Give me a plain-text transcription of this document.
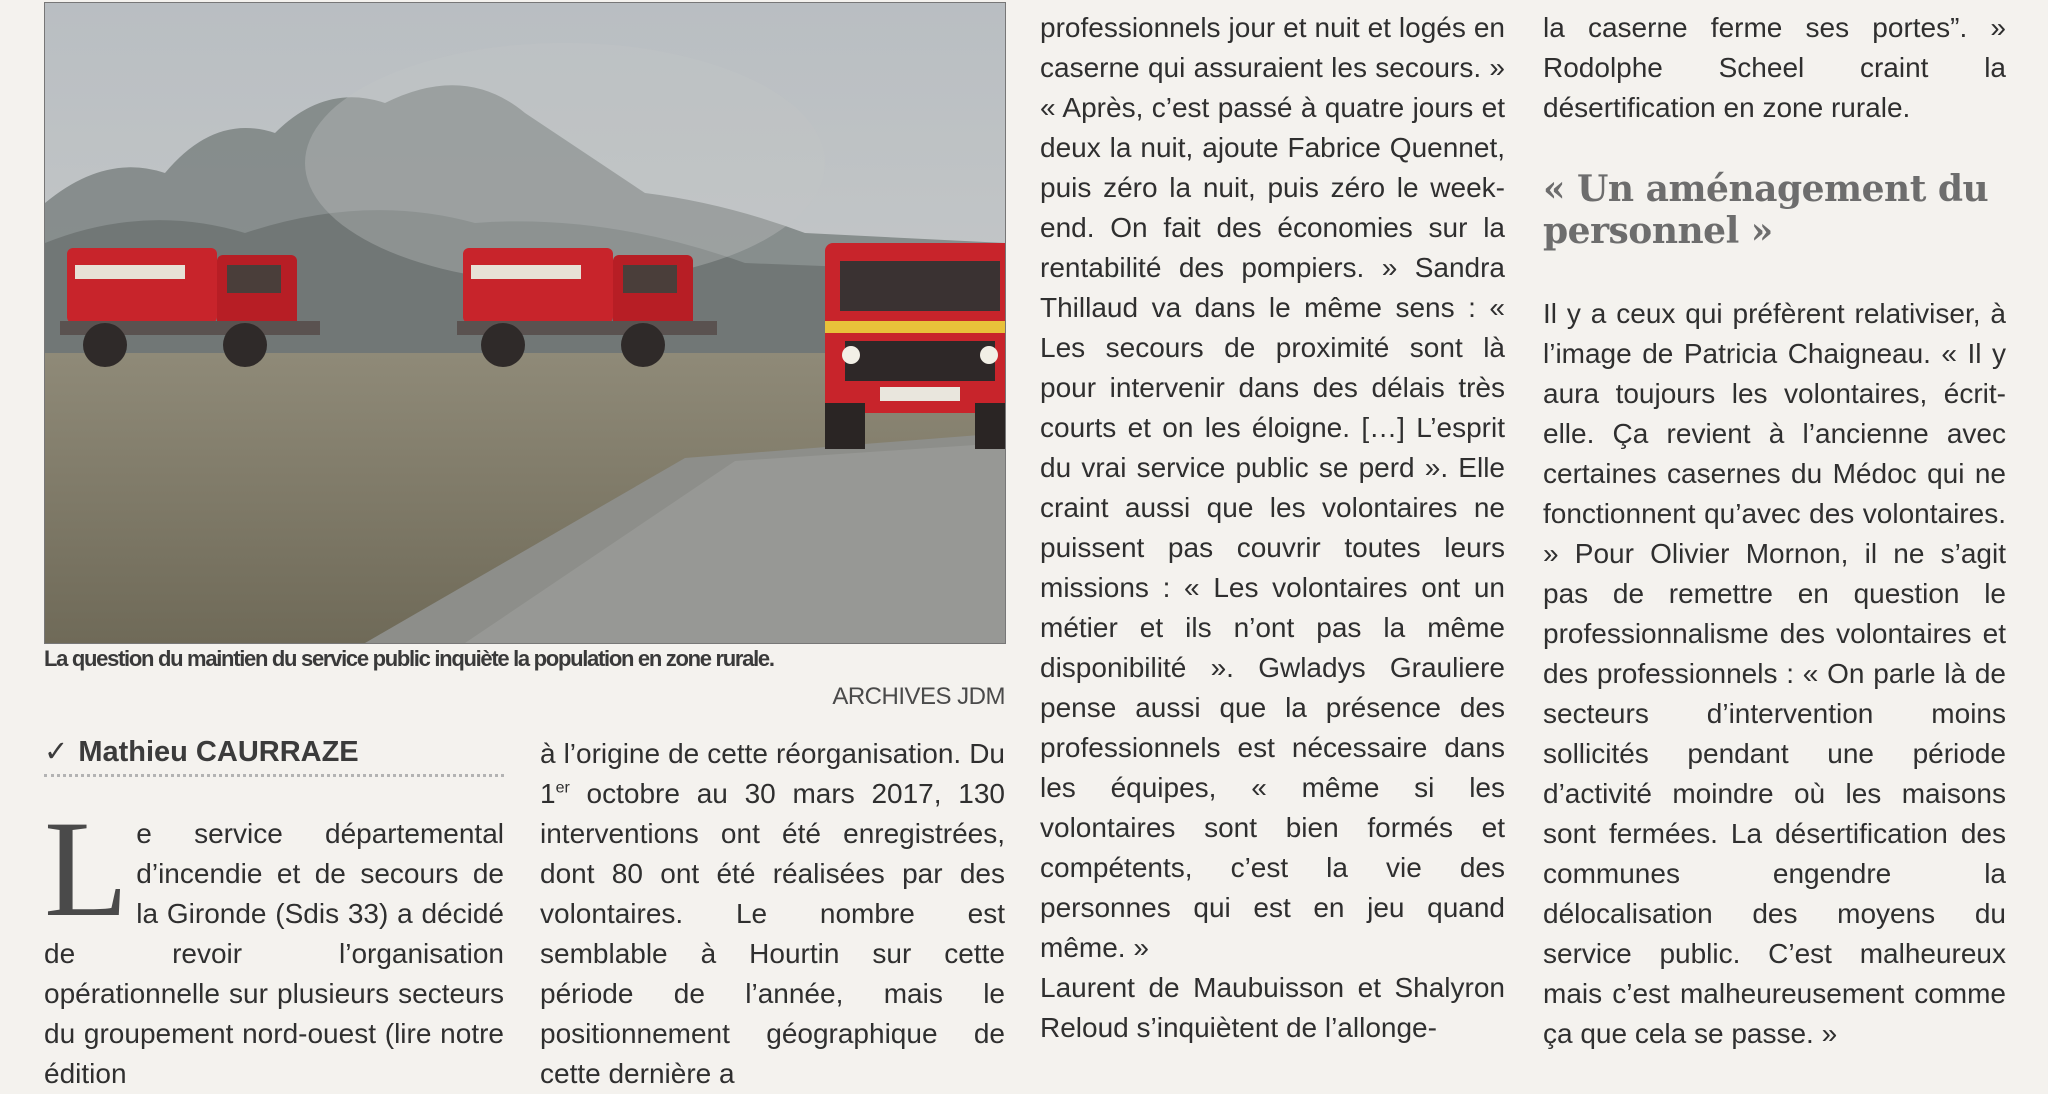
La question du maintien du service public inquiète la population en zone rurale.
ARCHIVES JDM
✓ Mathieu CAURRAZE

Le service départemental d’incendie et de secours de la Gironde (Sdis 33) a décidé de revoir l’organisation opérationnelle sur plusieurs secteurs du groupement nord-ouest (lire notre édition

à l’origine de cette réorganisation. Du 1er octobre au 30 mars 2017, 130 interventions ont été enregistrées, dont 80 ont été réalisées par des volontaires. Le nombre est semblable à Hourtin sur cette période de l’année, mais le positionnement géographique de cette dernière a

professionnels jour et nuit et logés en caserne qui assuraient les secours. » « Après, c’est passé à quatre jours et deux la nuit, ajoute Fabrice Quennet, puis zéro la nuit, puis zéro le week-end. On fait des économies sur la rentabilité des pompiers. » Sandra Thillaud va dans le même sens : « Les secours de proximité sont là pour intervenir dans des délais très courts et on les éloigne. […] L’esprit du vrai service public se perd ». Elle craint aussi que les volontaires ne puissent pas couvrir toutes leurs missions : « Les volontaires ont un métier et ils n’ont pas la même disponibilité ». Gwladys Grauliere pense aussi que la présence des professionnels est nécessaire dans les équipes, « même si les volontaires sont bien formés et compétents, c’est la vie des personnes qui est en jeu quand même. »

Laurent de Maubuisson et Shalyron Reloud s’inquiètent de l’allonge-

la caserne ferme ses portes”. » Rodolphe Scheel craint la désertification en zone rurale.

« Un aménagement du personnel »

Il y a ceux qui préfèrent relativiser, à l’image de Patricia Chaigneau. « Il y aura toujours les volontaires, écrit-elle. Ça revient à l’ancienne avec certaines casernes du Médoc qui ne fonctionnent qu’avec des volontaires. » Pour Olivier Mornon, il ne s’agit pas de remettre en question le professionnalisme des volontaires et des professionnels : « On parle là de secteurs d’intervention moins sollicités pendant une période d’activité moindre où les maisons sont fermées. La désertification des communes engendre la délocalisation des moyens du service public. C’est malheureux mais c’est malheureusement comme ça que cela se passe. »
